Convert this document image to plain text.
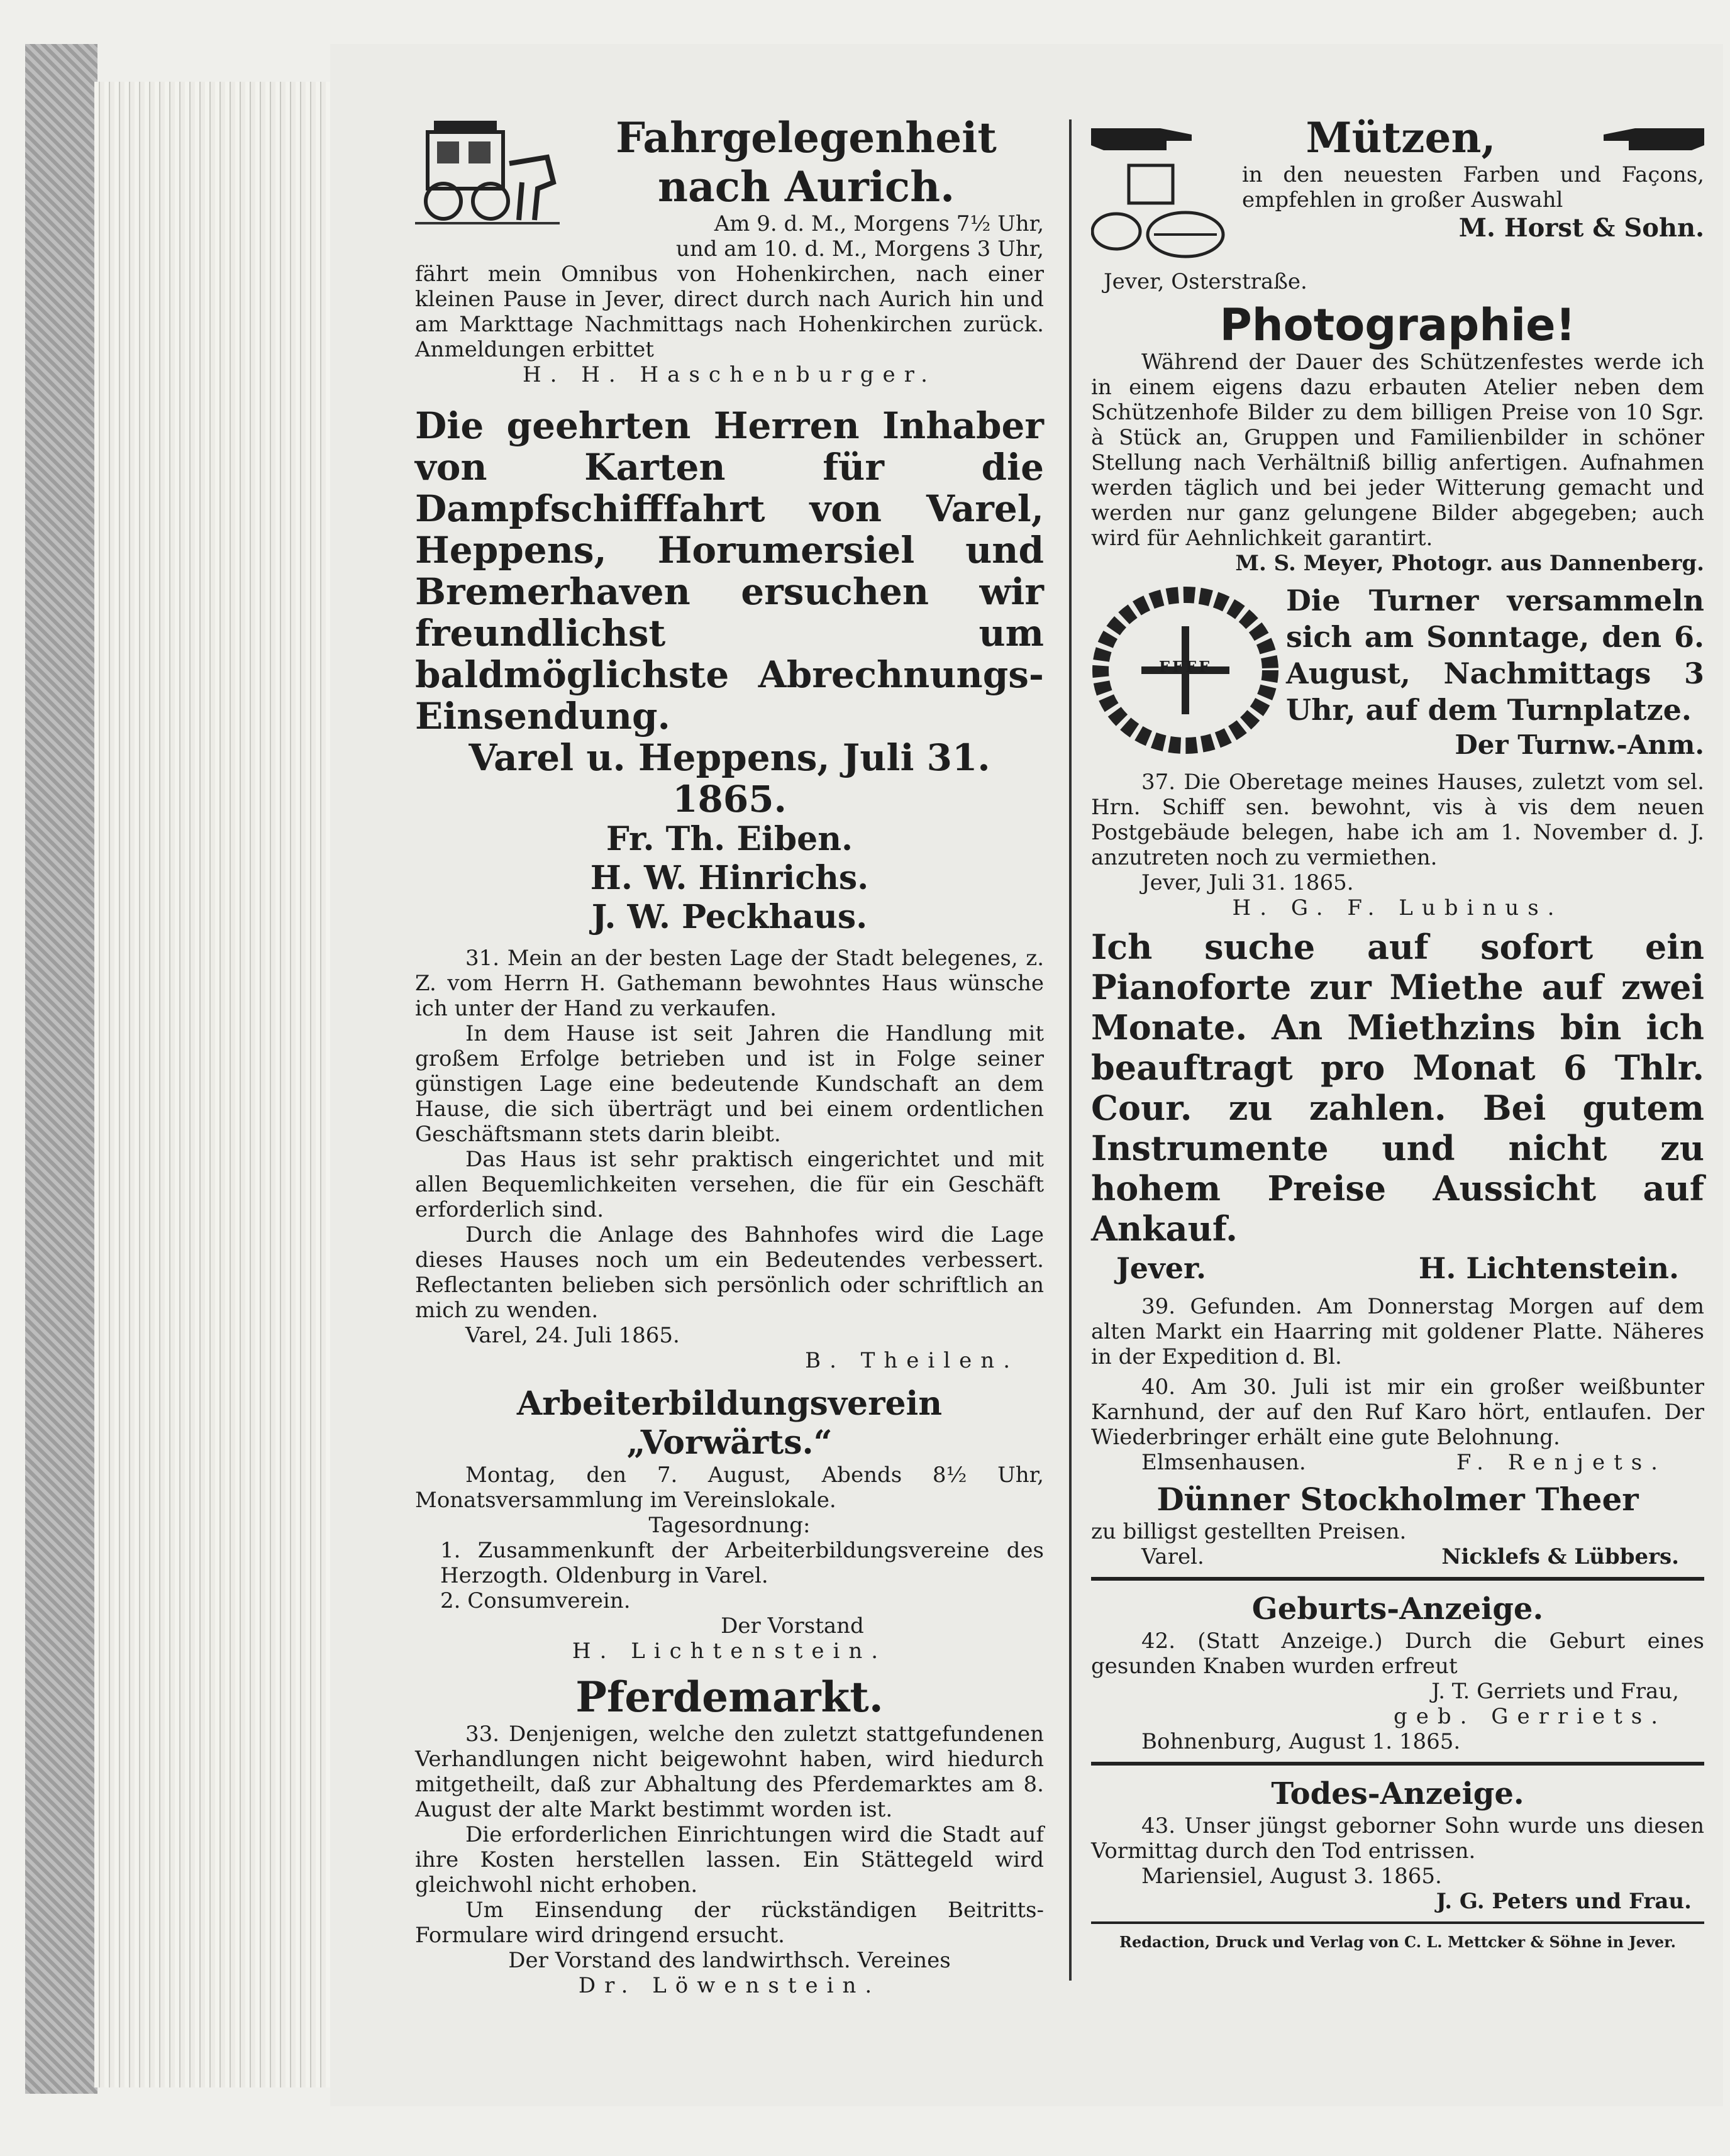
Fahrgelegenheit
nach Aurich.
Am 9. d. M., Morgens 7½ Uhr,
und am 10. d. M., Morgens 3 Uhr,
fährt mein Omnibus von Hohenkirchen, nach einer kleinen Pause in Jever, direct durch nach Aurich hin und am Markttage Nachmittags nach Hohenkirchen zurück. Anmeldungen erbittet
H. H. Haschenburger.
Die geehrten Herren Inhaber von Karten für die Dampfschifffahrt von Varel, Heppens, Horumersiel und Bremerhaven ersuchen wir freundlichst um baldmöglichste Abrechnungs-Einsendung.
Varel u. Heppens, Juli 31. 1865.
Fr. Th. Eiben.
H. W. Hinrichs.
J. W. Peckhaus.
31. Mein an der besten Lage der Stadt belegenes, z. Z. vom Herrn H. Gathemann bewohntes Haus wünsche ich unter der Hand zu verkaufen.
In dem Hause ist seit Jahren die Handlung mit großem Erfolge betrieben und ist in Folge seiner günstigen Lage eine bedeutende Kundschaft an dem Hause, die sich überträgt und bei einem ordentlichen Geschäftsmann stets darin bleibt.
Das Haus ist sehr praktisch eingerichtet und mit allen Bequemlichkeiten versehen, die für ein Geschäft erforderlich sind.
Durch die Anlage des Bahnhofes wird die Lage dieses Hauses noch um ein Bedeutendes verbessert. Reflectanten belieben sich persönlich oder schriftlich an mich zu wenden.
Varel, 24. Juli 1865.
B. Theilen.
Arbeiterbildungsverein
„Vorwärts.“
Montag, den 7. August, Abends 8½ Uhr, Monatsversammlung im Vereinslokale.
Tagesordnung:
1. Zusammenkunft der Arbeiterbildungsvereine des Herzogth. Oldenburg in Varel.
2. Consumverein.
Der Vorstand
H. Lichtenstein.
Pferdemarkt.
33. Denjenigen, welche den zuletzt stattgefundenen Verhandlungen nicht beigewohnt haben, wird hiedurch mitgetheilt, daß zur Abhaltung des Pferdemarktes am 8. August der alte Markt bestimmt worden ist.
Die erforderlichen Einrichtungen wird die Stadt auf ihre Kosten herstellen lassen. Ein Stättegeld wird gleichwohl nicht erhoben.
Um Einsendung der rückständigen Beitritts-Formulare wird dringend ersucht.
Der Vorstand des landwirthsch. Vereines
Dr. Löwenstein.
Mützen,
in den neuesten Farben und Façons, empfehlen in großer Auswahl
M. Horst & Sohn.
Jever, Osterstraße.
Photographie!
Während der Dauer des Schützenfestes werde ich in einem eigens dazu erbauten Atelier neben dem Schützenhofe Bilder zu dem billigen Preise von 10 Sgr. à Stück an, Gruppen und Familienbilder in schöner Stellung nach Verhältniß billig anfertigen. Aufnahmen werden täglich und bei jeder Witterung gemacht und werden nur ganz gelungene Bilder abgegeben; auch wird für Aehnlichkeit garantirt.
M. S. Meyer, Photogr. aus Dannenberg.
FFFF
Die Turner versammeln sich am Sonntage, den 6. August, Nachmittags 3 Uhr, auf dem Turnplatze.
Der Turnw.-Anm.
37. Die Oberetage meines Hauses, zuletzt vom sel. Hrn. Schiff sen. bewohnt, vis à vis dem neuen Postgebäude belegen, habe ich am 1. November d. J. anzutreten noch zu vermiethen.
Jever, Juli 31. 1865.
H. G. F. Lubinus.
Ich suche auf sofort ein Pianoforte zur Miethe auf zwei Monate. An Miethzins bin ich beauftragt pro Monat 6 Thlr. Cour. zu zahlen. Bei gutem Instrumente und nicht zu hohem Preise Aussicht auf Ankauf.
Jever.	H. Lichtenstein.
39. Gefunden. Am Donnerstag Morgen auf dem alten Markt ein Haarring mit goldener Platte. Näheres in der Expedition d. Bl.
40. Am 30. Juli ist mir ein großer weißbunter Karnhund, der auf den Ruf Karo hört, entlaufen. Der Wiederbringer erhält eine gute Belohnung.
Elmsenhausen.	F. Renjets.
Dünner Stockholmer Theer
zu billigst gestellten Preisen.
Varel.	Nicklefs & Lübbers.
Geburts-Anzeige.
42. (Statt Anzeige.) Durch die Geburt eines gesunden Knaben wurden erfreut
J. T. Gerriets und Frau,
geb. Gerriets.
Bohnenburg, August 1. 1865.
Todes-Anzeige.
43. Unser jüngst geborner Sohn wurde uns diesen Vormittag durch den Tod entrissen.
Mariensiel, August 3. 1865.
J. G. Peters und Frau.
Redaction, Druck und Verlag von C. L. Mettcker & Söhne in Jever.
